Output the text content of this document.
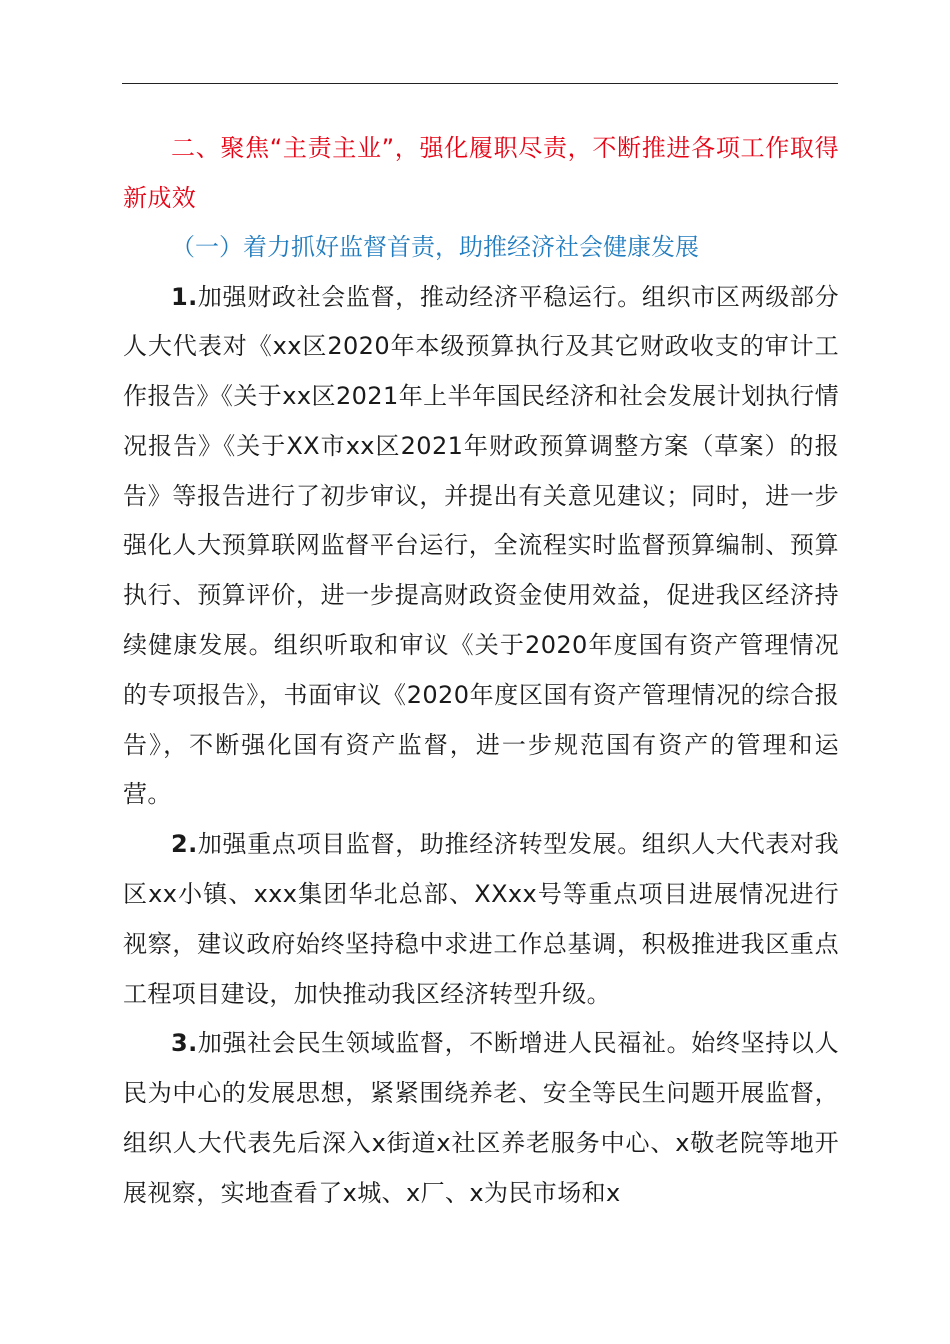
二、聚焦“主责主业”，强化履职尽责，不断推进各项工作取得新成效

（一）着力抓好监督首责，助推经济社会健康发展

1.加强财政社会监督，推动经济平稳运行。组织市区两级部分人大代表对《xx区2020年本级预算执行及其它财政收支的审计工作报告》《关于xx区2021年上半年国民经济和社会发展计划执行情况报告》《关于XX市xx区2021年财政预算调整方案（草案）的报告》等报告进行了初步审议，并提出有关意见建议；同时，进一步强化人大预算联网监督平台运行，全流程实时监督预算编制、预算执行、预算评价，进一步提高财政资金使用效益，促进我区经济持续健康发展。组织听取和审议《关于2020年度国有资产管理情况的专项报告》，书面审议《2020年度区国有资产管理情况的综合报告》，不断强化国有资产监督，进一步规范国有资产的管理和运营。

2.加强重点项目监督，助推经济转型发展。组织人大代表对我区xx小镇、xxx集团华北总部、XXxx号等重点项目进展情况进行视察，建议政府始终坚持稳中求进工作总基调，积极推进我区重点工程项目建设，加快推动我区经济转型升级。

3.加强社会民生领域监督，不断增进人民福祉。始终坚持以人民为中心的发展思想，紧紧围绕养老、安全等民生问题开展监督，组织人大代表先后深入x街道x社区养老服务中心、x敬老院等地开展视察，实地查看了x城、x厂、x为民市场和x
